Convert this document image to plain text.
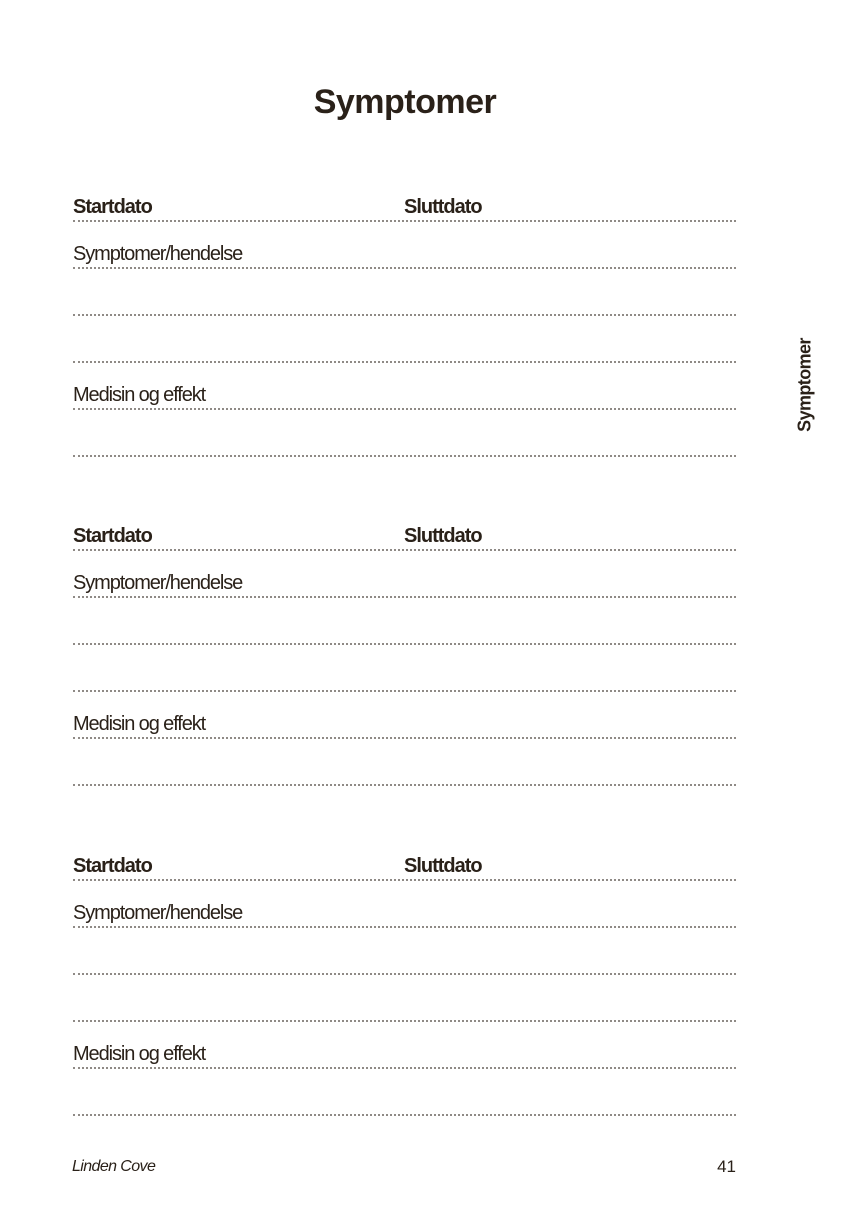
Symptomer
Symptomer
Startdato	Sluttdato
Symptomer/hendelse
Medisin og effekt
Startdato	Sluttdato
Symptomer/hendelse
Medisin og effekt
Startdato	Sluttdato
Symptomer/hendelse
Medisin og effekt
Linden Cove	41
